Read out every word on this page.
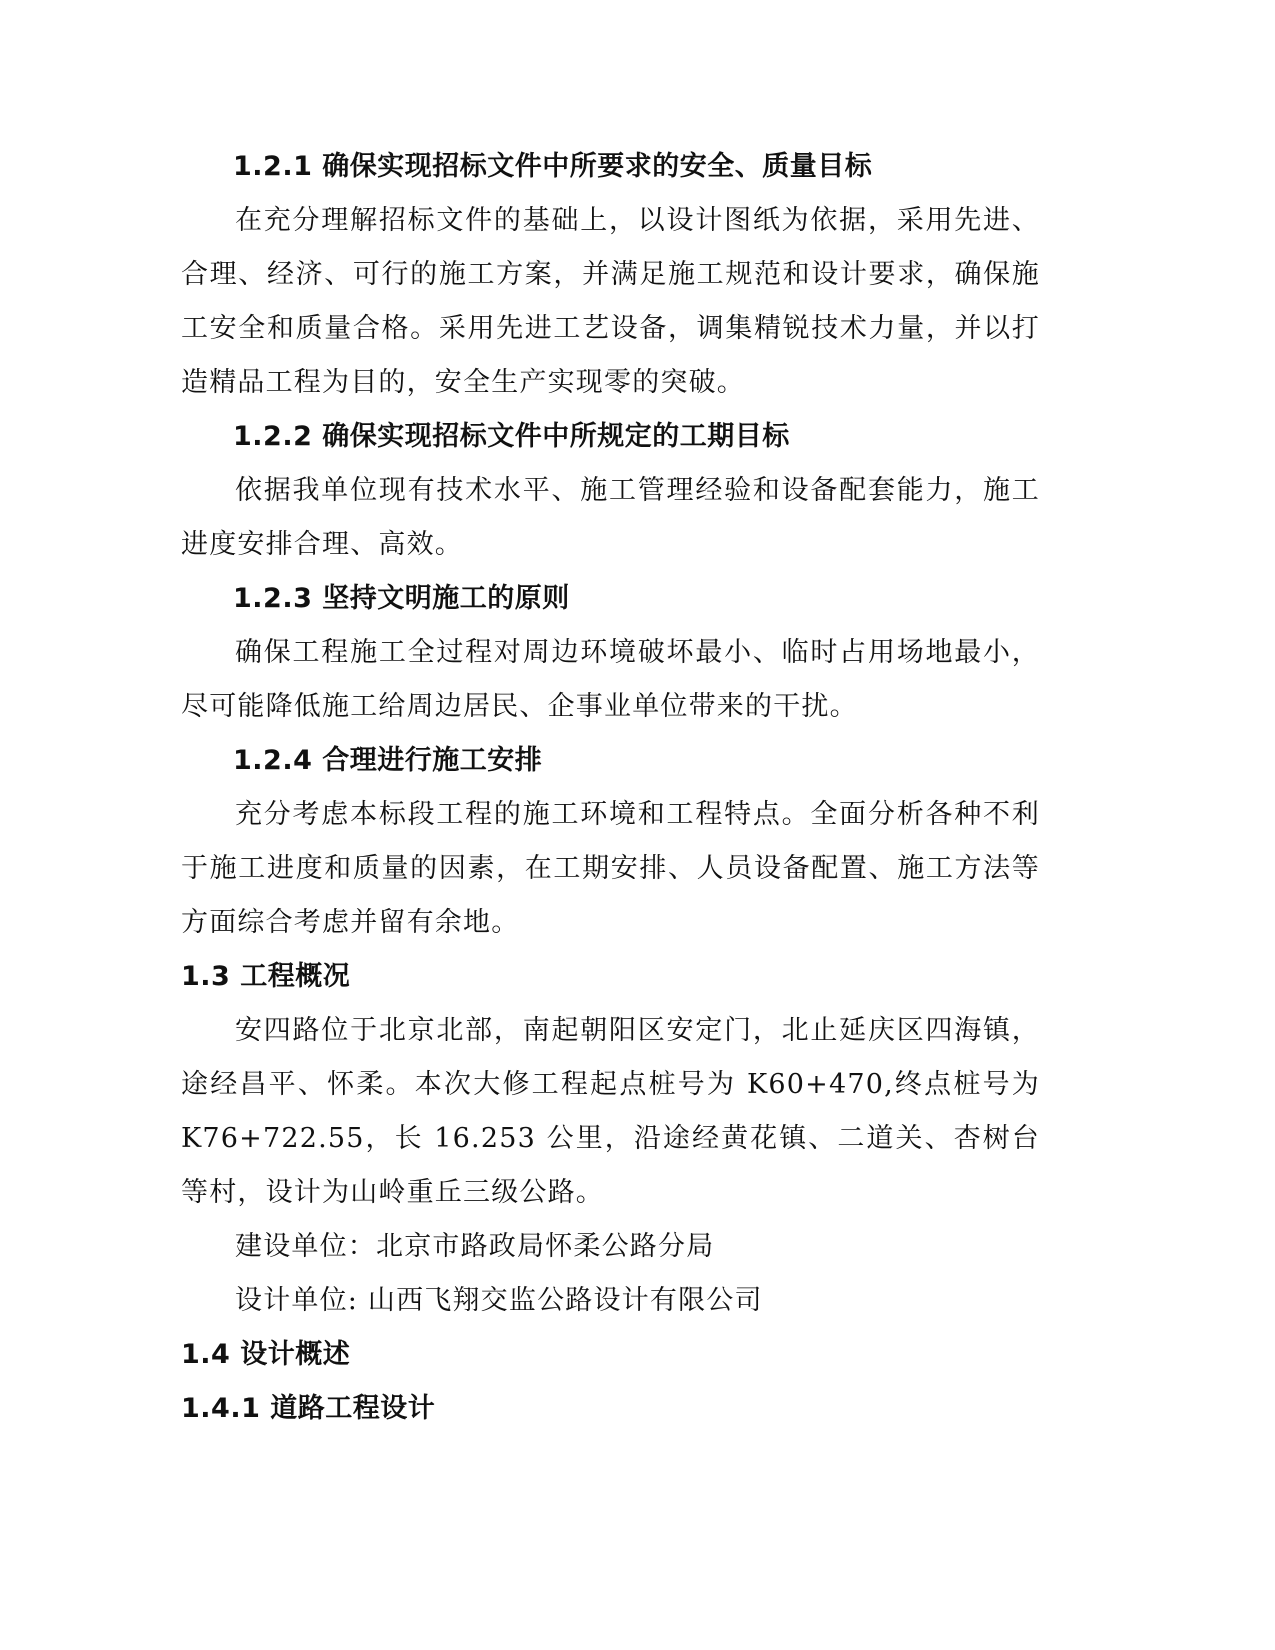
1.2.1 确保实现招标文件中所要求的安全、质量目标

在充分理解招标文件的基础上，以设计图纸为依据，采用先进、合理、经济、可行的施工方案，并满足施工规范和设计要求，确保施工安全和质量合格。采用先进工艺设备，调集精锐技术力量，并以打造精品工程为目的，安全生产实现零的突破。

1.2.2 确保实现招标文件中所规定的工期目标

依据我单位现有技术水平、施工管理经验和设备配套能力，施工进度安排合理、高效。

1.2.3 坚持文明施工的原则

确保工程施工全过程对周边环境破坏最小、临时占用场地最小，尽可能降低施工给周边居民、企事业单位带来的干扰。

1.2.4 合理进行施工安排

充分考虑本标段工程的施工环境和工程特点。全面分析各种不利于施工进度和质量的因素，在工期安排、人员设备配置、施工方法等方面综合考虑并留有余地。

1.3 工程概况

安四路位于北京北部，南起朝阳区安定门，北止延庆区四海镇，途经昌平、怀柔。本次大修工程起点桩号为 K60+470,终点桩号为K76+722.55，长 16.253 公里，沿途经黄花镇、二道关、杏树台等村，设计为山岭重丘三级公路。

建设单位：北京市路政局怀柔公路分局

设计单位: 山西飞翔交监公路设计有限公司

1.4 设计概述
1.4.1 道路工程设计
